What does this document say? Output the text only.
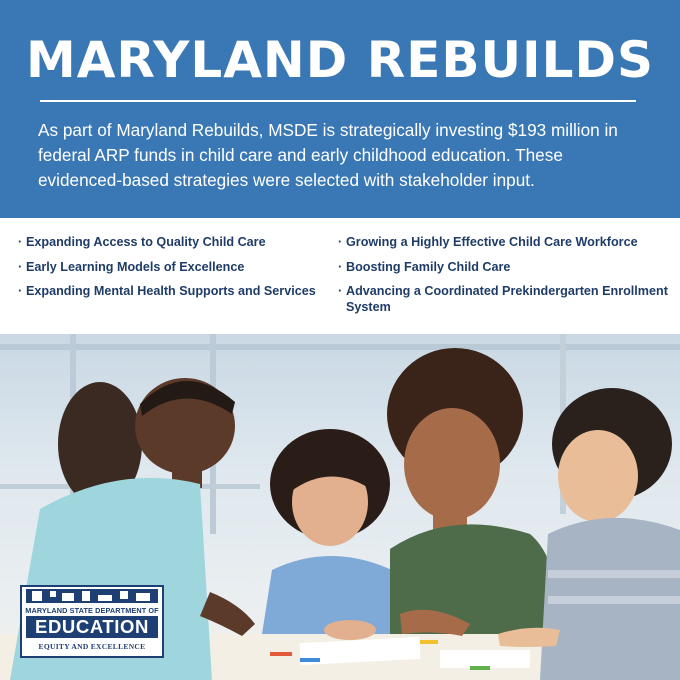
MARYLAND REBUILDS
As part of Maryland Rebuilds, MSDE is strategically investing $193 million in federal ARP funds in child care and early childhood education. These evidenced-based strategies were selected with stakeholder input.
· Expanding Access to Quality Child Care
· Early Learning Models of Excellence
· Expanding Mental Health Supports and Services
· Growing a Highly Effective Child Care Workforce
· Boosting Family Child Care
· Advancing a Coordinated Prekindergarten Enrollment System
MARYLAND STATE DEPARTMENT OF
EDUCATION
EQUITY AND EXCELLENCE
